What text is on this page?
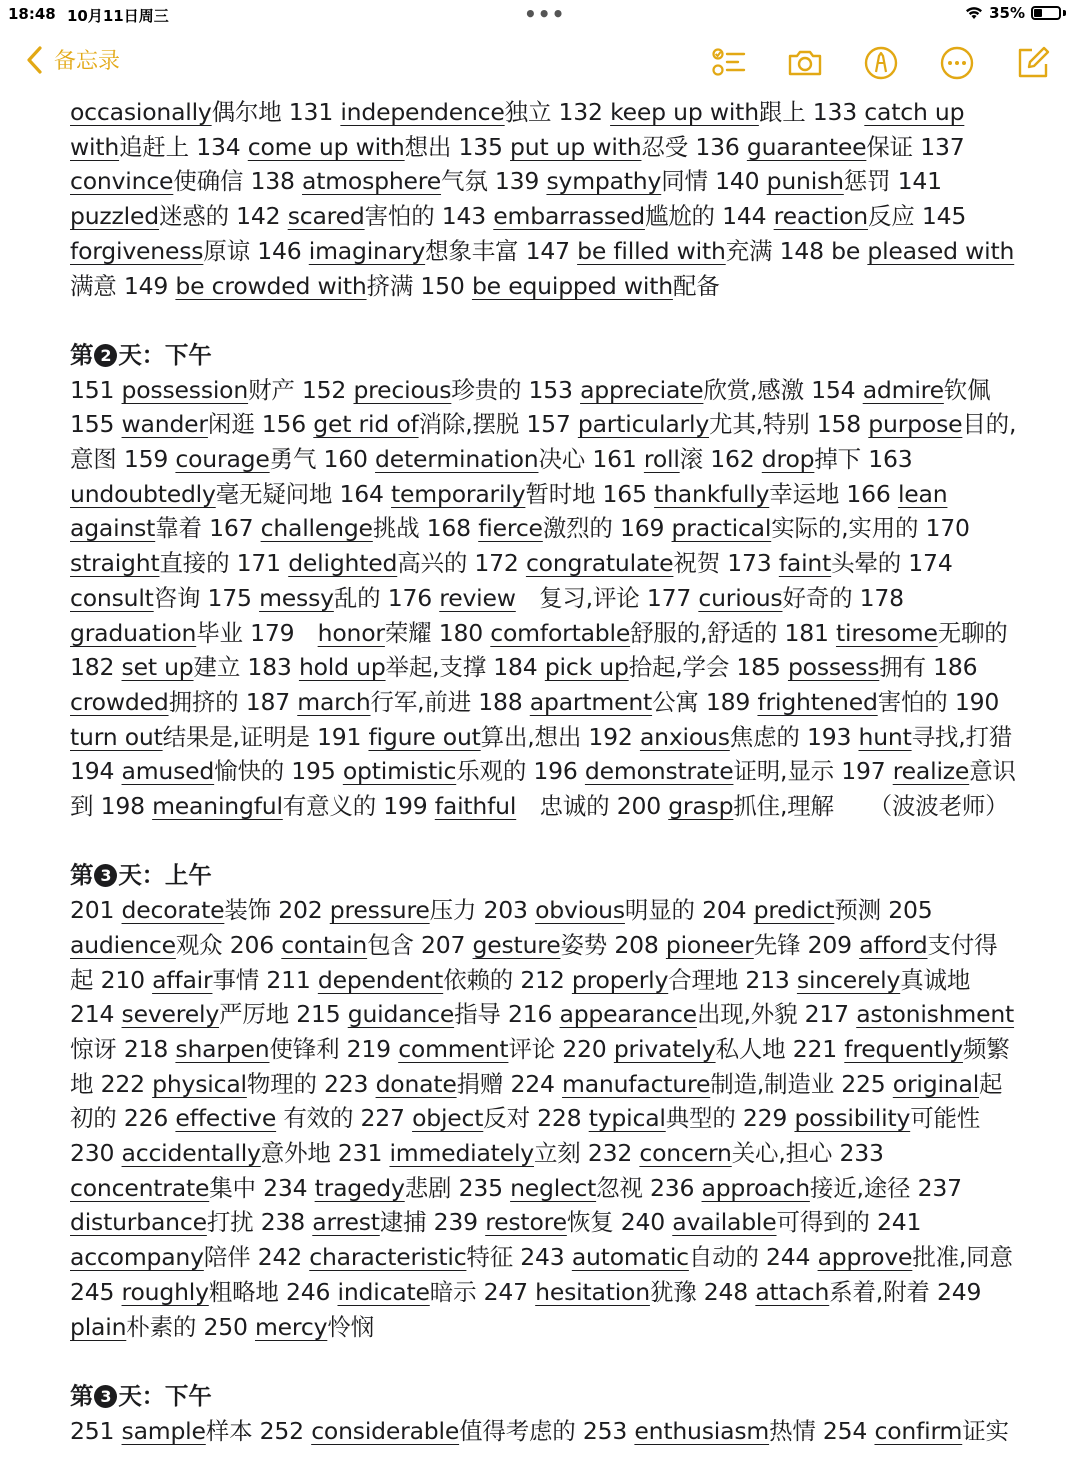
18:48 10月11日周三	•••	35%
备忘录
occasionally偶尔地 131 independence独立 132 keep up with跟上 133 catch up with追赶上 134 come up with想出 135 put up with忍受 136 guarantee保证 137 convince使确信 138 atmosphere气氛 139 sympathy同情 140 punish惩罚 141 puzzled迷惑的 142 scared害怕的 143 embarrassed尴尬的 144 reaction反应 145 forgiveness原谅 146 imaginary想象丰富 147 be filled with充满 148 be pleased with满意 149 be crowded with挤满 150 be equipped with配备
第 2 天：下午
151 possession财产 152 precious珍贵的 153 appreciate欣赏,感激 154 admire钦佩 155 wander闲逛 156 get rid of消除,摆脱 157 particularly尤其,特别 158 purpose目的,意图 159 courage勇气 160 determination决心 161 roll滚 162 drop掉下 163 undoubtedly毫无疑问地 164 temporarily暂时地 165 thankfully幸运地 166 lean against靠着 167 challenge挑战 168 fierce激烈的 169 practical实际的,实用的 170 straight直接的 171 delighted高兴的 172 congratulate祝贺 173 faint头晕的 174 consult咨询 175 messy乱的 176 review　复习,评论 177 curious好奇的 178 graduation毕业 179　honor荣耀 180 comfortable舒服的,舒适的 181 tiresome无聊的 182 set up建立 183 hold up举起,支撑 184 pick up拾起,学会 185 possess拥有 186 crowded拥挤的 187 march行军,前进 188 apartment公寓 189 frightened害怕的 190 turn out结果是,证明是 191 figure out算出,想出 192 anxious焦虑的 193 hunt寻找,打猎 194 amused愉快的 195 optimistic乐观的 196 demonstrate证明,显示 197 realize意识到 198 meaningful有意义的 199 faithful　忠诚的 200 grasp抓住,理解　　（波波老师）
第 3 天：上午
201 decorate装饰 202 pressure压力 203 obvious明显的 204 predict预测 205 audience观众 206 contain包含 207 gesture姿势 208 pioneer先锋 209 afford支付得起 210 affair事情 211 dependent依赖的 212 properly合理地 213 sincerely真诚地 214 severely严厉地 215 guidance指导 216 appearance出现,外貌 217 astonishment惊讶 218 sharpen使锋利 219 comment评论 220 privately私人地 221 frequently频繁地 222 physical物理的 223 donate捐赠 224 manufacture制造,制造业 225 original起初的 226 effective 有效的 227 object反对 228 typical典型的 229 possibility可能性 230 accidentally意外地 231 immediately立刻 232 concern关心,担心 233 concentrate集中 234 tragedy悲剧 235 neglect忽视 236 approach接近,途径 237 disturbance打扰 238 arrest逮捕 239 restore恢复 240 available可得到的 241 accompany陪伴 242 characteristic特征 243 automatic自动的 244 approve批准,同意 245 roughly粗略地 246 indicate暗示 247 hesitation犹豫 248 attach系着,附着 249 plain朴素的 250 mercy怜悯
第 3 天：下午
251 sample样本 252 considerable值得考虑的 253 enthusiasm热情 254 confirm证实
